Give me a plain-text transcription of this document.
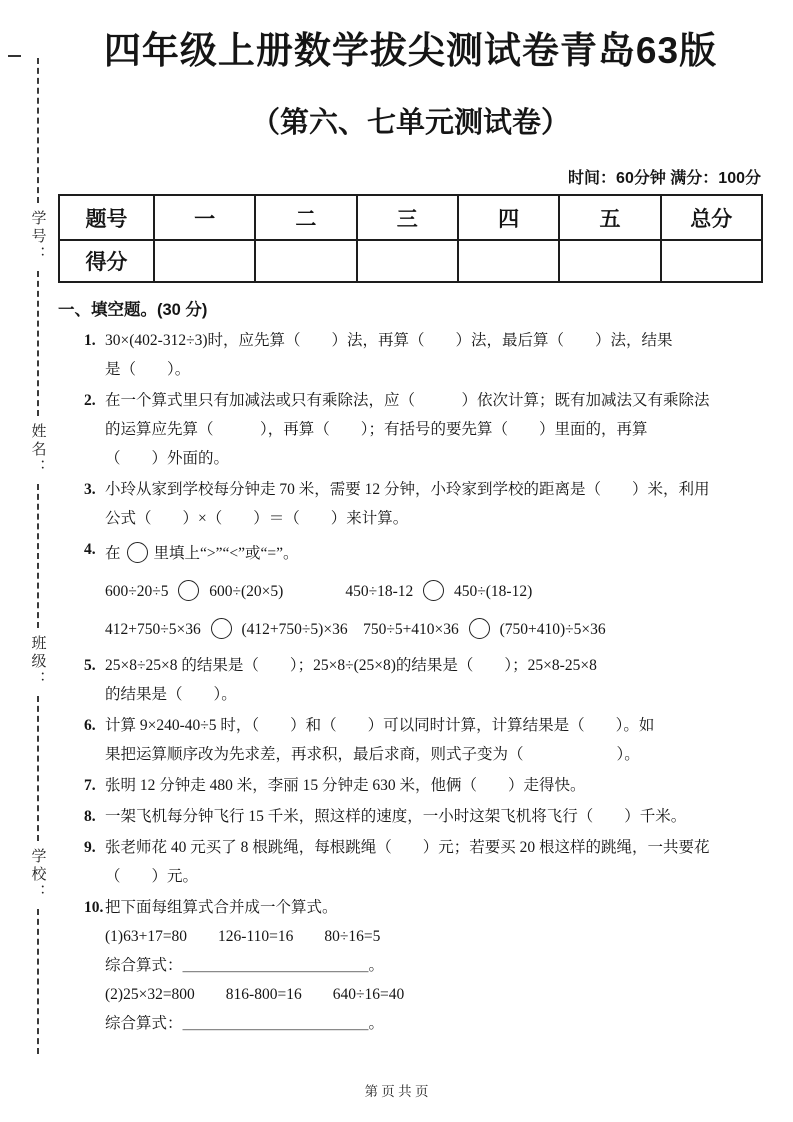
学号：
姓名：
班级：
学校：
四年级上册数学拔尖测试卷青岛63版
（第六、七单元测试卷）
时间：60分钟 满分：100分
题号	一	二	三	四	五	总分
得分						
一、填空题。(30 分)
1. 30×(402-312÷3)时，应先算（　　）法，再算（　　）法，最后算（　　）法，结果
是（　　）。
2. 在一个算式里只有加减法或只有乘除法，应（　　　）依次计算；既有加减法又有乘除法
的运算应先算（　　　），再算（　　）；有括号的要先算（　　）里面的，再算
（　　）外面的。
3. 小玲从家到学校每分钟走 70 米，需要 12 分钟，小玲家到学校的距离是（　　）米，利用
公式（　　）×（　　）＝（　　）来计算。
4. 在 里填上“>”“<”或“=”。
600÷20÷5  600÷(20×5)　　　　450÷18-12  450÷(18-12)
412+750÷5×36  (412+750÷5)×36　750÷5+410×36  (750+410)÷5×36
5. 25×8÷25×8 的结果是（　　）；25×8÷(25×8)的结果是（　　）；25×8-25×8
的结果是（　　）。
6. 计算 9×240-40÷5 时，（　　）和（　　）可以同时计算，计算结果是（　　）。如
果把运算顺序改为先求差，再求积，最后求商，则式子变为（　　　　　　）。
7. 张明 12 分钟走 480 米，李丽 15 分钟走 630 米，他俩（　　）走得快。
8. 一架飞机每分钟飞行 15 千米，照这样的速度，一小时这架飞机将飞行（　　）千米。
9. 张老师花 40 元买了 8 根跳绳，每根跳绳（　　）元；若要买 20 根这样的跳绳，一共要花
（　　）元。
10. 把下面每组算式合并成一个算式。
(1)63+17=80　　126-110=16　　80÷16=5
综合算式：＿＿＿＿＿＿＿＿＿＿＿＿。
(2)25×32=800　　816-800=16　　640÷16=40
综合算式：＿＿＿＿＿＿＿＿＿＿＿＿。
第 页 共 页
